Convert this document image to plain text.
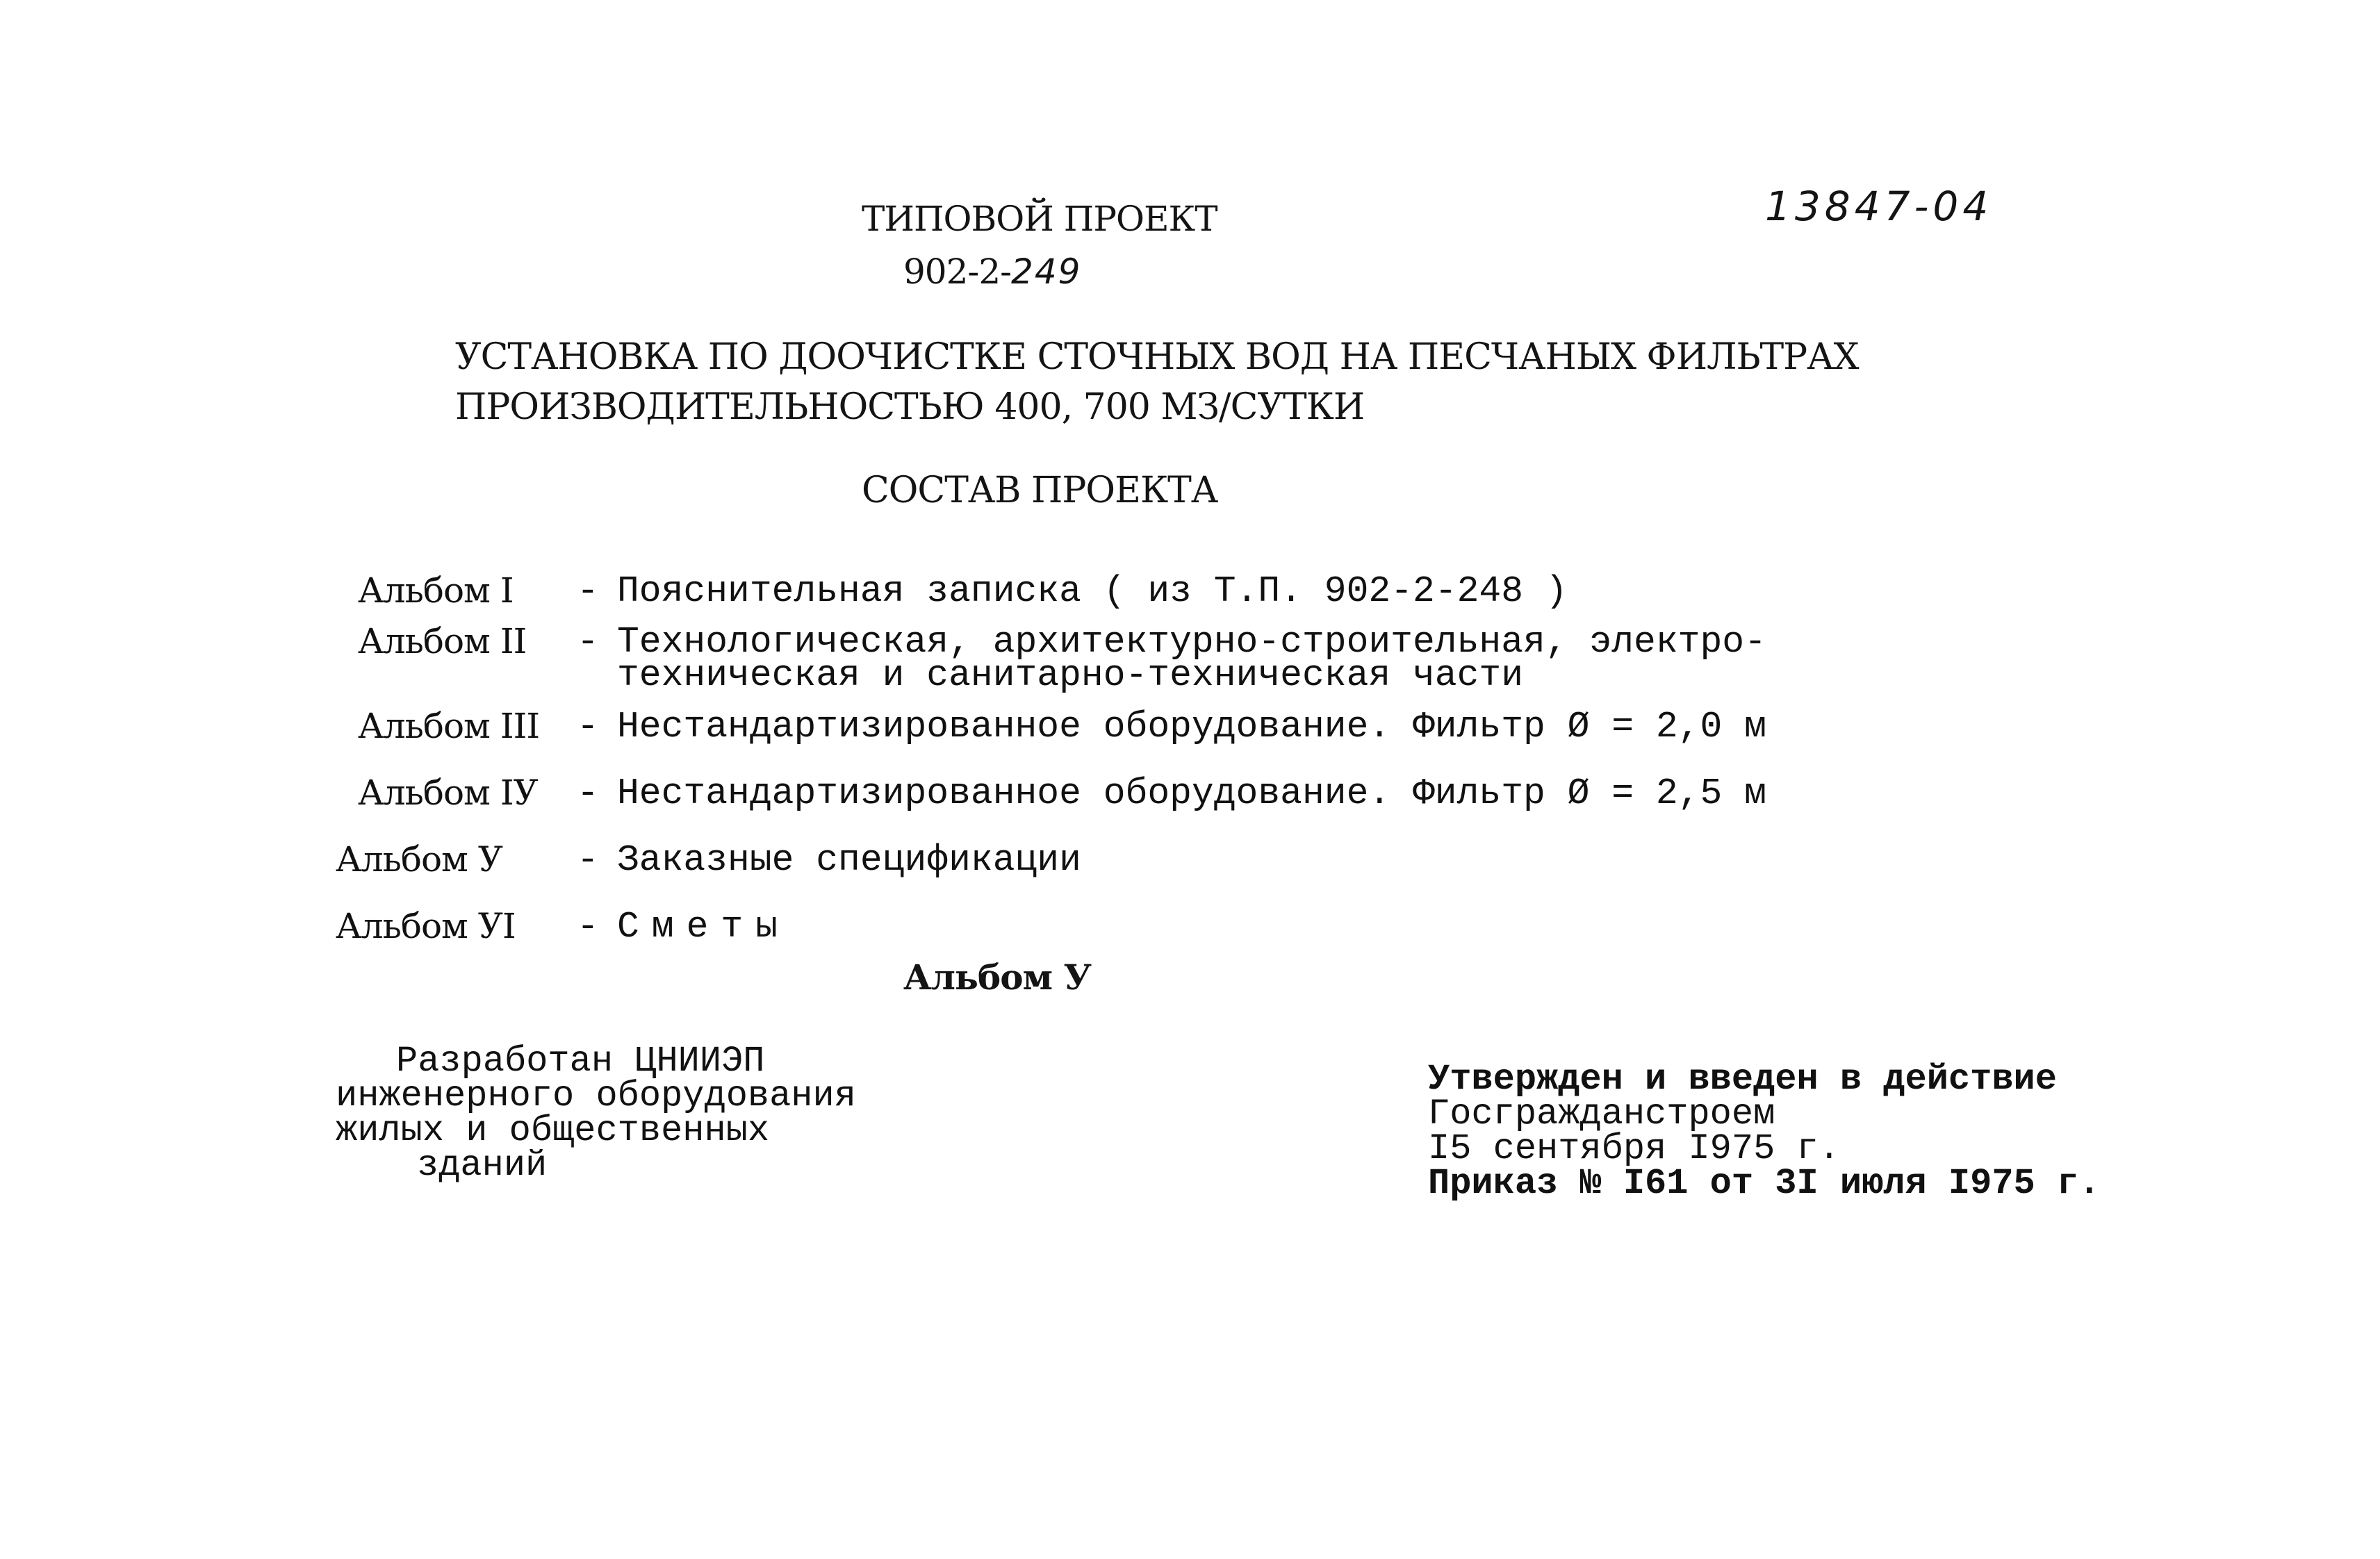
ТИПОВОЙ ПРОЕКТ
902-2-249
13847-04
УСТАНОВКА ПО ДООЧИСТКЕ СТОЧНЫХ ВОД НА ПЕСЧАНЫХ ФИЛЬТРАХ
ПРОИЗВОДИТЕЛЬНОСТЬЮ 400, 700 МЗ/СУТКИ
СОСТАВ ПРОЕКТА
Альбом I - Пояснительная записка ( из Т.П. 902-2-248 )
Альбом II - Технологическая, архитектурно-строительная, электро-
техническая и санитарно-техническая части
Альбом III - Нестандартизированное оборудование. Фильтр Ø = 2,0 м
Альбом IУ - Нестандартизированное оборудование. Фильтр Ø = 2,5 м
Альбом У - Заказные спецификации
Альбом УI - Сметы
Альбом У
Разработан ЦНИИЭП
инженерного оборудования
жилых и общественных
зданий
Утвержден и введен в действие
Госгражданстроем
I5 сентября I975 г.
Приказ № I61 от 3I июля I975 г.
